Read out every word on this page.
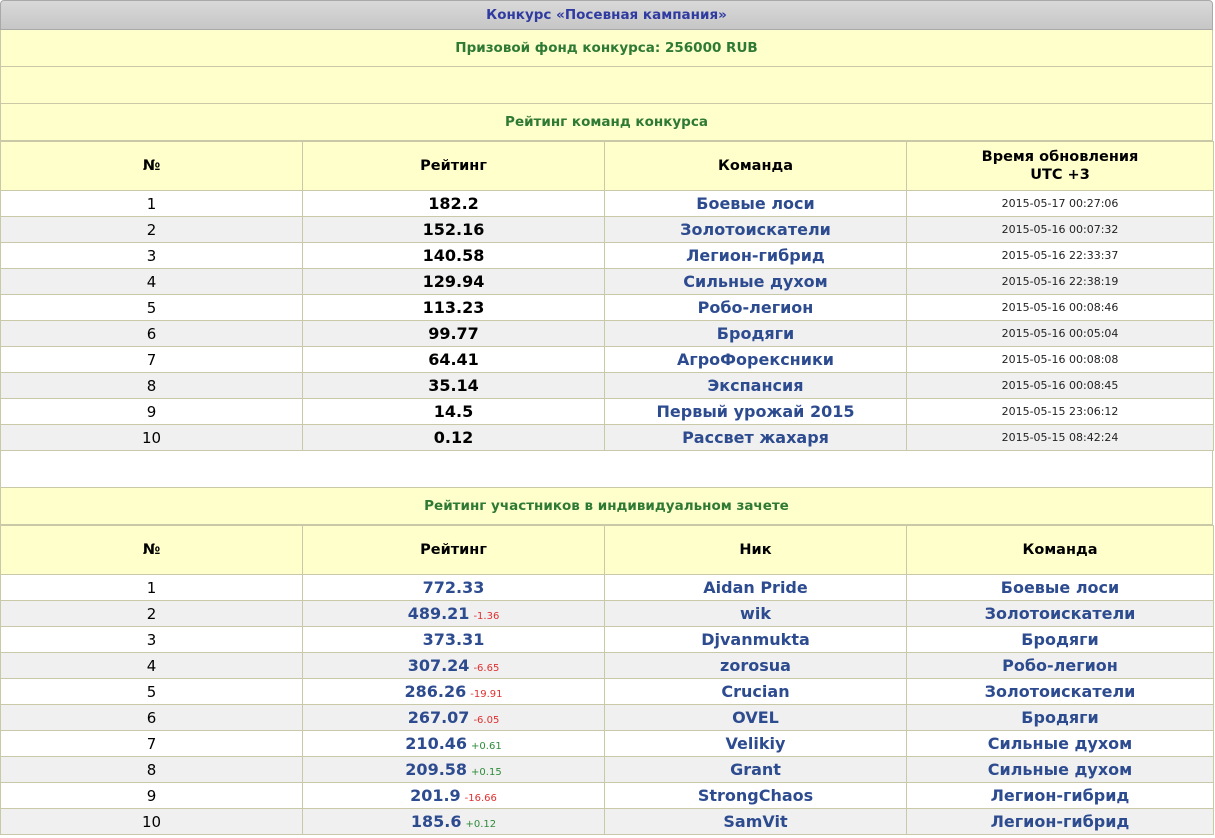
Конкурс «Посевная кампания»
Призовой фонд конкурса: 256000 RUB
Рейтинг команд конкурса
№	Рейтинг	Команда	Время обновления
UTC +3
1	182.2	Боевые лоси	2015-05-17 00:27:06
2	152.16	Золотоискатели	2015-05-16 00:07:32
3	140.58	Легион-гибрид	2015-05-16 22:33:37
4	129.94	Сильные духом	2015-05-16 22:38:19
5	113.23	Робо-легион	2015-05-16 00:08:46
6	99.77	Бродяги	2015-05-16 00:05:04
7	64.41	АгроФорексники	2015-05-16 00:08:08
8	35.14	Экспансия	2015-05-16 00:08:45
9	14.5	Первый урожай 2015	2015-05-15 23:06:12
10	0.12	Рассвет жахаря	2015-05-15 08:42:24
Рейтинг участников в индивидуальном зачете
№	Рейтинг	Ник	Команда
1	772.33	Aidan Pride	Боевые лоси
2	489.21 -1.36	wik	Золотоискатели
3	373.31	Djvanmukta	Бродяги
4	307.24 -6.65	zorosua	Робо-легион
5	286.26 -19.91	Crucian	Золотоискатели
6	267.07 -6.05	OVEL	Бродяги
7	210.46 +0.61	Velikiy	Сильные духом
8	209.58 +0.15	Grant	Сильные духом
9	201.9 -16.66	StrongChaos	Легион-гибрид
10	185.6 +0.12	SamVit	Легион-гибрид
